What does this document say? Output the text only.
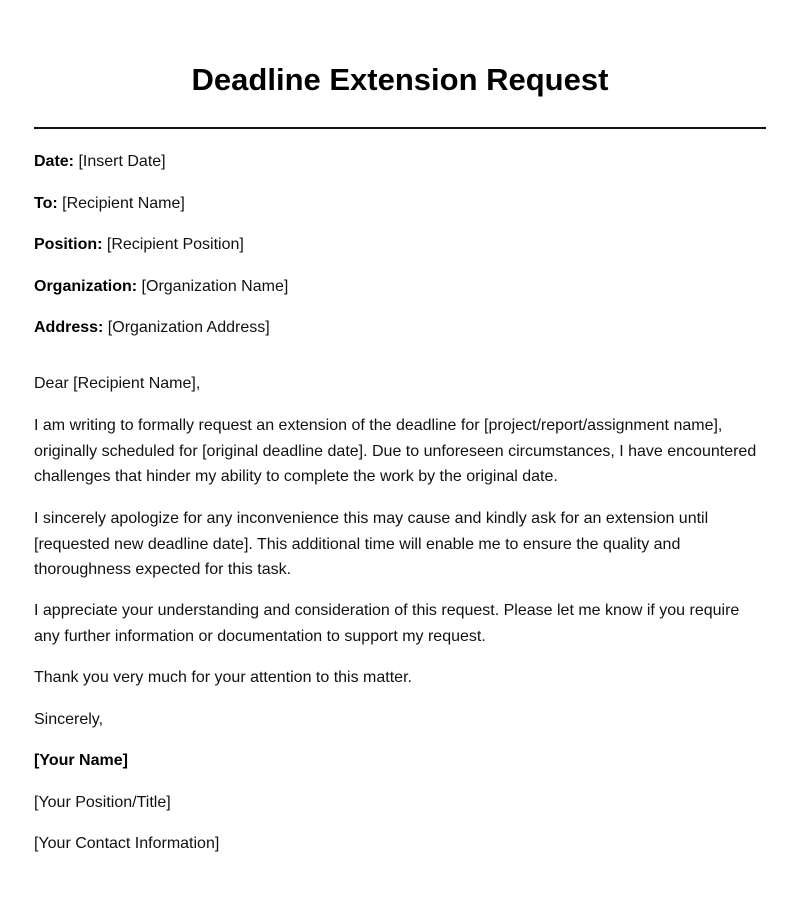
Deadline Extension Request
Date: [Insert Date]
To: [Recipient Name]
Position: [Recipient Position]
Organization: [Organization Name]
Address: [Organization Address]
Dear [Recipient Name],
I am writing to formally request an extension of the deadline for [project/report/assignment name],
originally scheduled for [original deadline date]. Due to unforeseen circumstances, I have encountered
challenges that hinder my ability to complete the work by the original date.
I sincerely apologize for any inconvenience this may cause and kindly ask for an extension until
[requested new deadline date]. This additional time will enable me to ensure the quality and
thoroughness expected for this task.
I appreciate your understanding and consideration of this request. Please let me know if you require
any further information or documentation to support my request.
Thank you very much for your attention to this matter.
Sincerely,
[Your Name]
[Your Position/Title]
[Your Contact Information]
